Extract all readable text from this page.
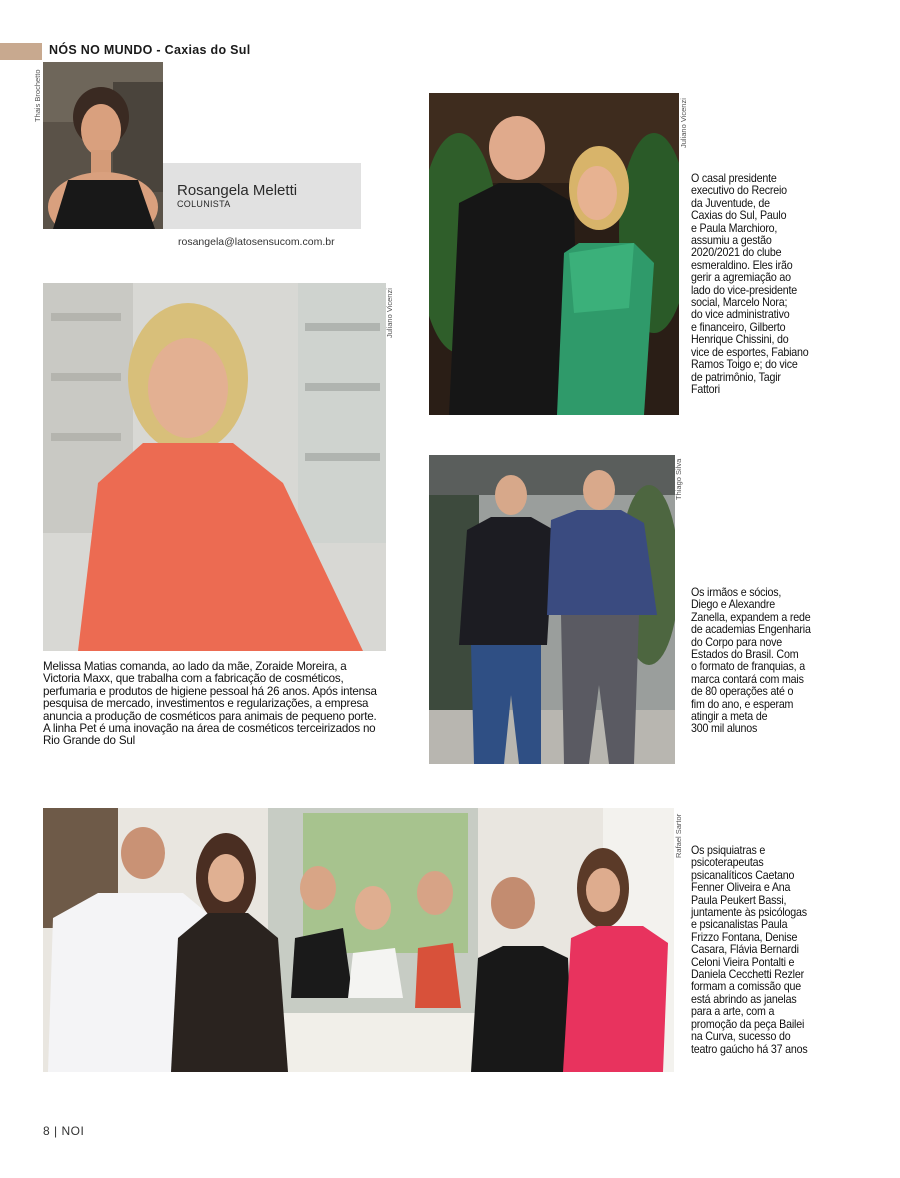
NÓS NO MUNDO - Caxias do Sul
Thais Brochetto
Rosangela Meletti
COLUNISTA
rosangela@latosensucom.com.br
Juliano Vicenzi
O casal presidente
executivo do Recreio
da Juventude, de
Caxias do Sul, Paulo
e Paula Marchioro,
assumiu a gestão
2020/2021 do clube
esmeraldino. Eles irão
gerir a agremiação ao
lado do vice-presidente
social, Marcelo Nora;
do vice administrativo
e financeiro, Gilberto
Henrique Chissini, do
vice de esportes, Fabiano
Ramos Toigo e; do vice
de patrimônio, Tagir
Fattori
Juliano Vicenzi
Melissa Matias comanda, ao lado da mãe, Zoraide Moreira, a
Victoria Maxx, que trabalha com a fabricação de cosméticos,
perfumaria e produtos de higiene pessoal há 26 anos. Após intensa
pesquisa de mercado, investimentos e regularizações, a empresa
anuncia a produção de cosméticos para animais de pequeno porte.
A linha Pet é uma inovação na área de cosméticos terceirizados no
Rio Grande do Sul
Thiago Silva
Os irmãos e sócios,
Diego e Alexandre
Zanella, expandem a rede
de academias Engenharia
do Corpo para nove
Estados do Brasil. Com
o formato de franquias, a
marca contará com mais
de 80 operações até o
fim do ano, e esperam
atingir a meta de
300 mil alunos
Rafael Sartor Os psiquiatras e
psicoterapeutas
psicanalíticos Caetano
Fenner Oliveira e Ana
Paula Peukert Bassi,
juntamente às psicólogas
e psicanalistas Paula
Frizzo Fontana, Denise
Casara, Flávia Bernardi
Celoni Vieira Pontalti e
Daniela Cecchetti Rezler
formam a comissão que
está abrindo as janelas
para a arte, com a
promoção da peça Bailei
na Curva, sucesso do
teatro gaúcho há 37 anos
8 | NOI
